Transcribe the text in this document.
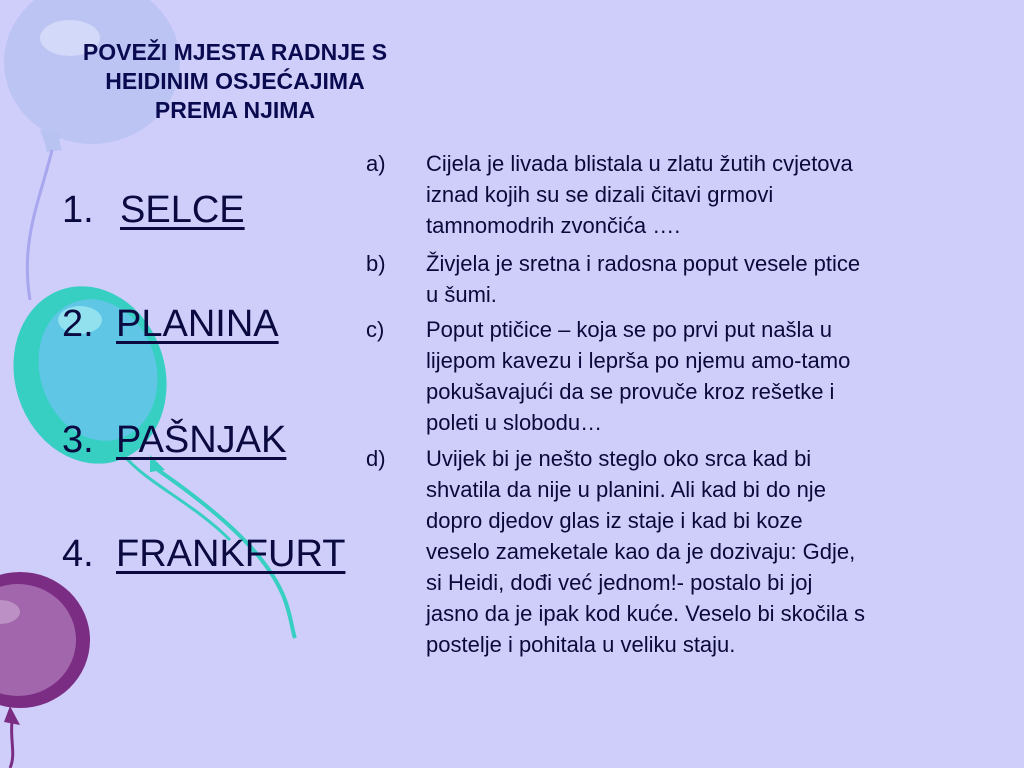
POVEŽI MJESTA RADNJE S
HEIDINIM OSJEĆAJIMA
PREMA NJIMA
1. SELCE
2. PLANINA
3. PAŠNJAK
4. FRANKFURT
a)	Cijela je livada blistala u zlatu žutih cvjetova
iznad kojih su se dizali čitavi grmovi
tamnomodrih zvončića ….
b)	Živjela je sretna i radosna poput vesele ptice
u šumi.
c)	Poput ptičice – koja se po prvi put našla u
lijepom kavezu i lepršа po njemu amo-tamo
pokušavajući da se provuče kroz rešetke i
poleti u slobodu…
d)	Uvijek bi je nešto steglo oko srca kad bi
shvatila da nije u planini. Ali kad bi do nje
dopro djedov glas iz staje i kad bi koze
veselo zameketale kao da je dozivaju: Gdje,
si Heidi, dođi već jednom!- postalo bi joj
jasno da je ipak kod kuće. Veselo bi skočila s
postelje i pohitala u veliku staju.
